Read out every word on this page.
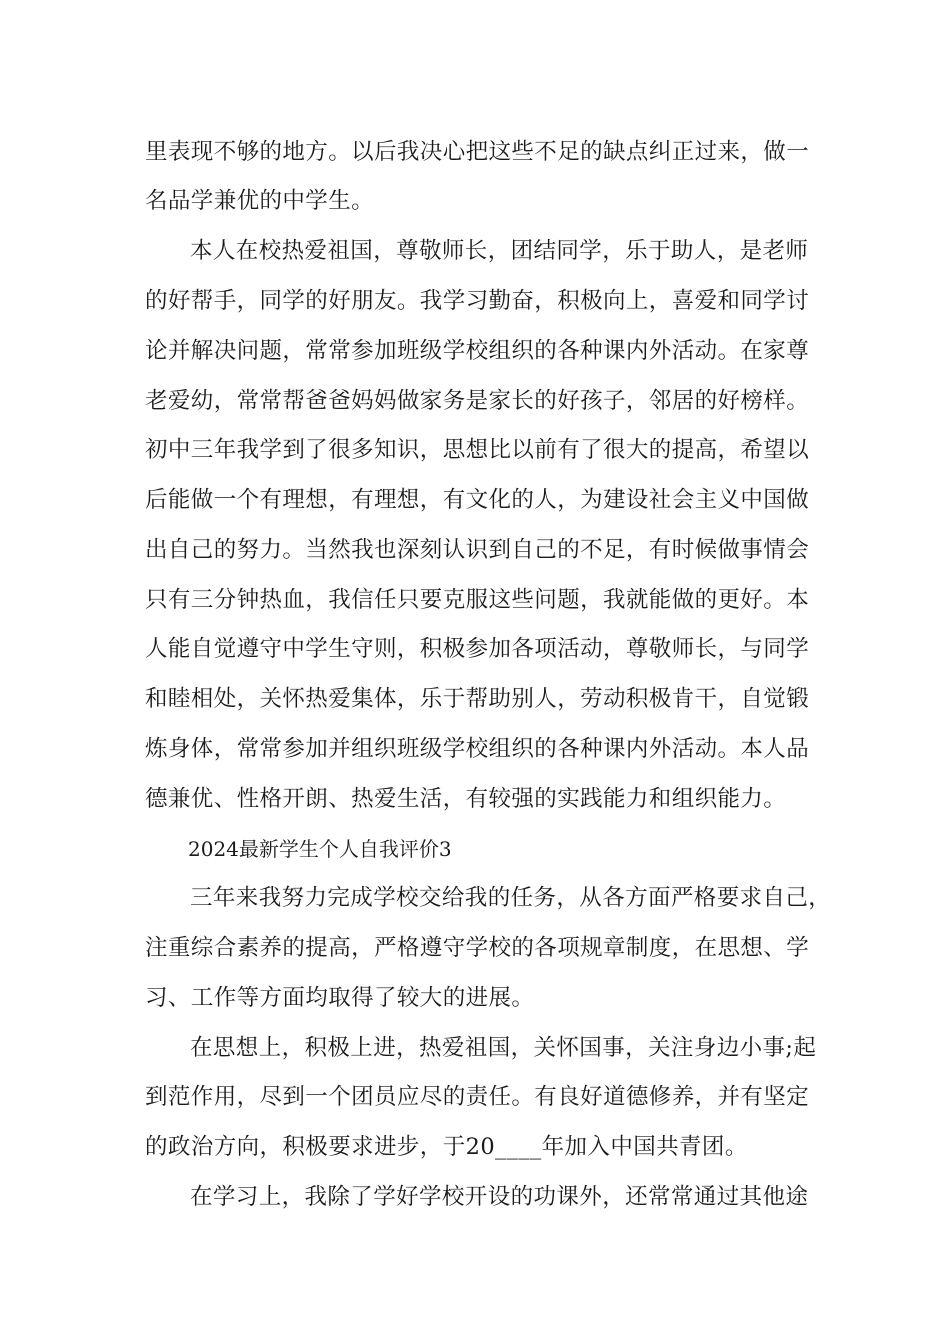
里表现不够的地方。以后我决心把这些不足的缺点纠正过来，做一
名品学兼优的中学生。
本人在校热爱祖国，尊敬师长，团结同学，乐于助人，是老师
的好帮手，同学的好朋友。我学习勤奋，积极向上，喜爱和同学讨
论并解决问题，常常参加班级学校组织的各种课内外活动。在家尊
老爱幼，常常帮爸爸妈妈做家务是家长的好孩子，邻居的好榜样。
初中三年我学到了很多知识，思想比以前有了很大的提高，希望以
后能做一个有理想，有理想，有文化的人，为建设社会主义中国做
出自己的努力。当然我也深刻认识到自己的不足，有时候做事情会
只有三分钟热血，我信任只要克服这些问题，我就能做的更好。本
人能自觉遵守中学生守则，积极参加各项活动，尊敬师长，与同学
和睦相处，关怀热爱集体，乐于帮助别人，劳动积极肯干，自觉锻
炼身体，常常参加并组织班级学校组织的各种课内外活动。本人品
德兼优、性格开朗、热爱生活，有较强的实践能力和组织能力。
2024最新学生个人自我评价3
三年来我努力完成学校交给我的任务，从各方面严格要求自己，
注重综合素养的提高，严格遵守学校的各项规章制度，在思想、学
习、工作等方面均取得了较大的进展。
在思想上，积极上进，热爱祖国，关怀国事，关注身边小事;起
到范作用，尽到一个团员应尽的责任。有良好道德修养，并有坚定
的政治方向，积极要求进步，于20____年加入中国共青团。
在学习上，我除了学好学校开设的功课外，还常常通过其他途
